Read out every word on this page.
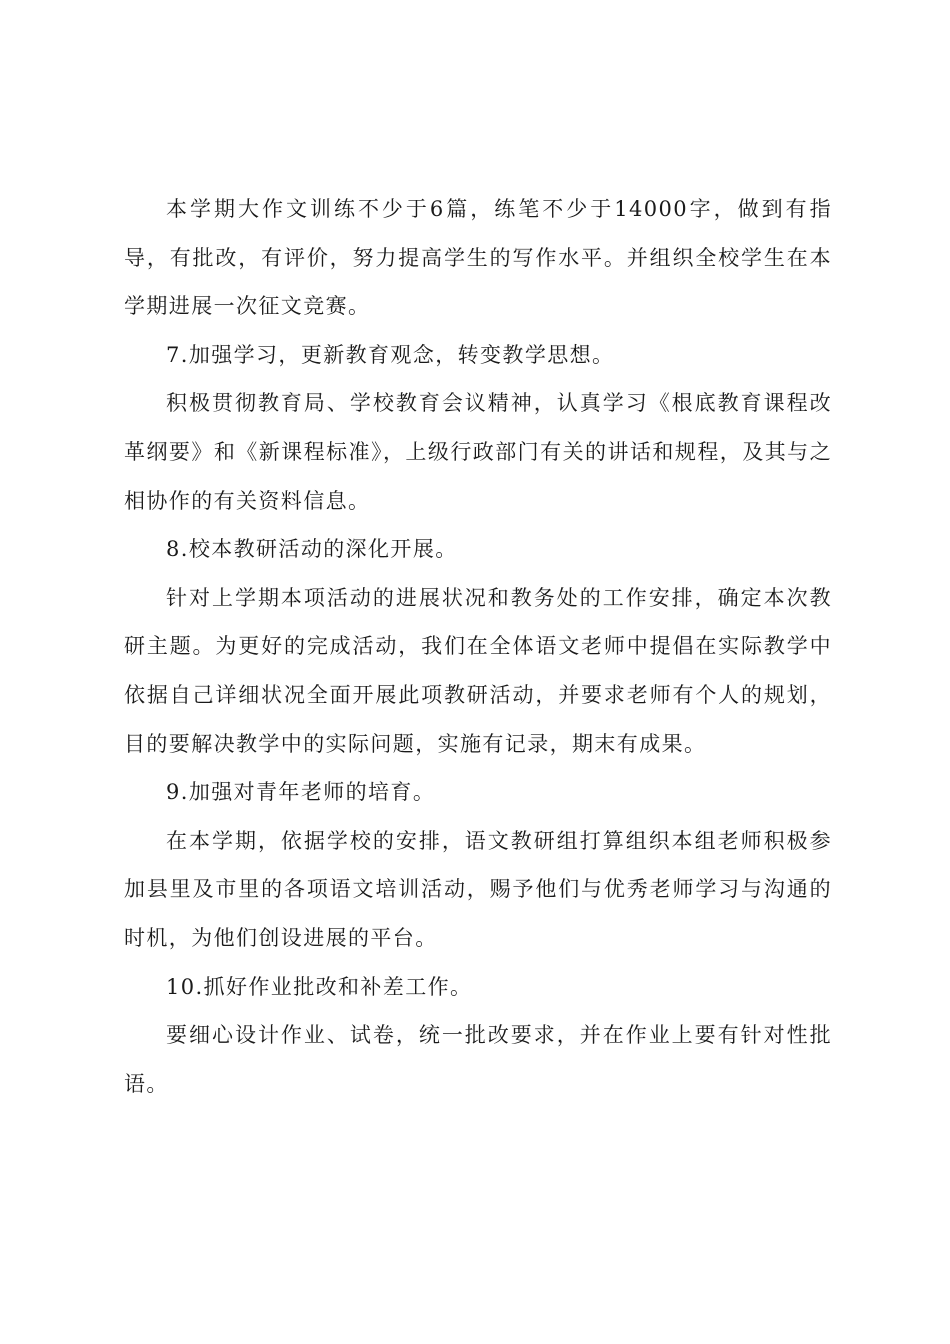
本学期大作文训练不少于6篇，练笔不少于14000字，做到有指导，有批改，有评价，努力提高学生的写作水平。并组织全校学生在本学期进展一次征文竞赛。

7.加强学习，更新教育观念，转变教学思想。

积极贯彻教育局、学校教育会议精神，认真学习《根底教育课程改革纲要》和《新课程标准》，上级行政部门有关的讲话和规程，及其与之相协作的有关资料信息。

8.校本教研活动的深化开展。

针对上学期本项活动的进展状况和教务处的工作安排，确定本次教研主题。为更好的完成活动，我们在全体语文老师中提倡在实际教学中依据自己详细状况全面开展此项教研活动，并要求老师有个人的规划，目的要解决教学中的实际问题，实施有记录，期末有成果。

9.加强对青年老师的培育。

在本学期，依据学校的安排，语文教研组打算组织本组老师积极参加县里及市里的各项语文培训活动，赐予他们与优秀老师学习与沟通的时机，为他们创设进展的平台。

10.抓好作业批改和补差工作。

要细心设计作业、试卷，统一批改要求，并在作业上要有针对性批语。
